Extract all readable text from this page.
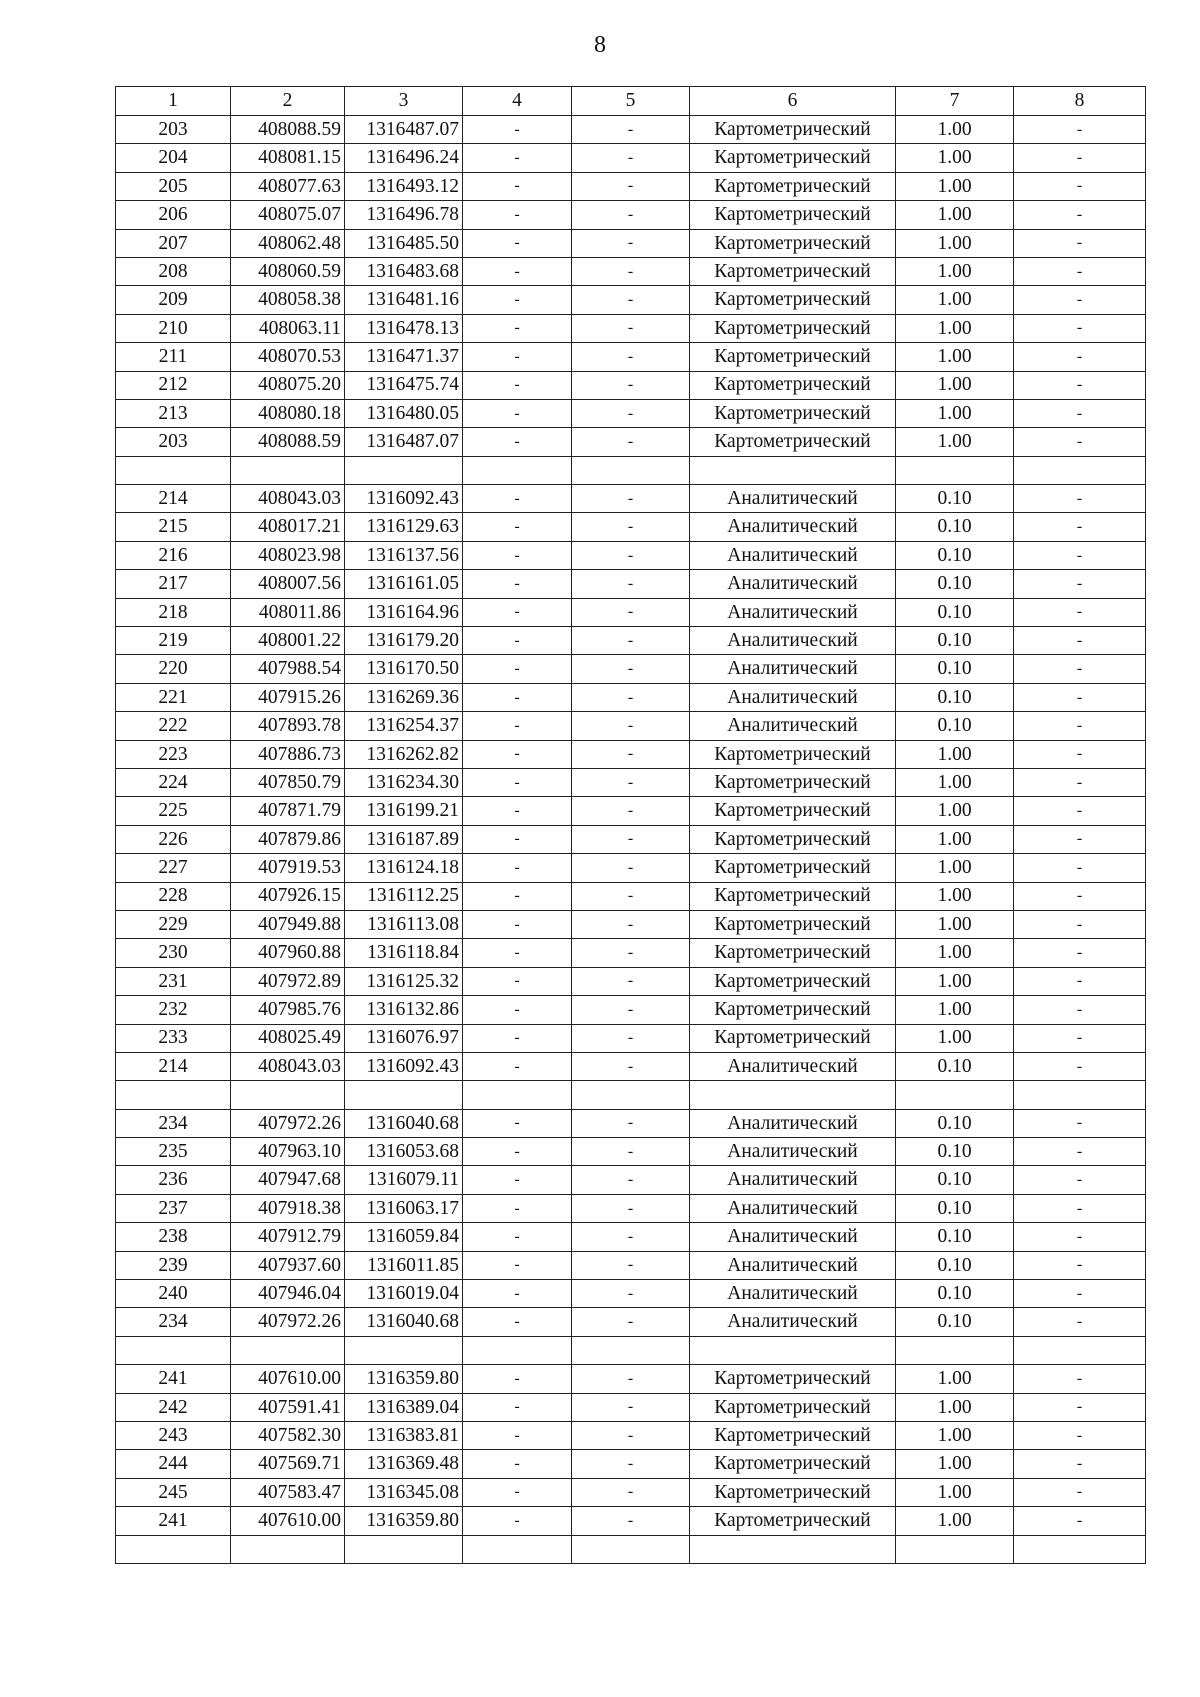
8
1	2	3	4	5	6	7	8
203	408088.59	1316487.07	-	-	Картометрический	1.00	-
204	408081.15	1316496.24	-	-	Картометрический	1.00	-
205	408077.63	1316493.12	-	-	Картометрический	1.00	-
206	408075.07	1316496.78	-	-	Картометрический	1.00	-
207	408062.48	1316485.50	-	-	Картометрический	1.00	-
208	408060.59	1316483.68	-	-	Картометрический	1.00	-
209	408058.38	1316481.16	-	-	Картометрический	1.00	-
210	408063.11	1316478.13	-	-	Картометрический	1.00	-
211	408070.53	1316471.37	-	-	Картометрический	1.00	-
212	408075.20	1316475.74	-	-	Картометрический	1.00	-
213	408080.18	1316480.05	-	-	Картометрический	1.00	-
203	408088.59	1316487.07	-	-	Картометрический	1.00	-

214	408043.03	1316092.43	-	-	Аналитический	0.10	-
215	408017.21	1316129.63	-	-	Аналитический	0.10	-
216	408023.98	1316137.56	-	-	Аналитический	0.10	-
217	408007.56	1316161.05	-	-	Аналитический	0.10	-
218	408011.86	1316164.96	-	-	Аналитический	0.10	-
219	408001.22	1316179.20	-	-	Аналитический	0.10	-
220	407988.54	1316170.50	-	-	Аналитический	0.10	-
221	407915.26	1316269.36	-	-	Аналитический	0.10	-
222	407893.78	1316254.37	-	-	Аналитический	0.10	-
223	407886.73	1316262.82	-	-	Картометрический	1.00	-
224	407850.79	1316234.30	-	-	Картометрический	1.00	-
225	407871.79	1316199.21	-	-	Картометрический	1.00	-
226	407879.86	1316187.89	-	-	Картометрический	1.00	-
227	407919.53	1316124.18	-	-	Картометрический	1.00	-
228	407926.15	1316112.25	-	-	Картометрический	1.00	-
229	407949.88	1316113.08	-	-	Картометрический	1.00	-
230	407960.88	1316118.84	-	-	Картометрический	1.00	-
231	407972.89	1316125.32	-	-	Картометрический	1.00	-
232	407985.76	1316132.86	-	-	Картометрический	1.00	-
233	408025.49	1316076.97	-	-	Картометрический	1.00	-
214	408043.03	1316092.43	-	-	Аналитический	0.10	-

234	407972.26	1316040.68	-	-	Аналитический	0.10	-
235	407963.10	1316053.68	-	-	Аналитический	0.10	-
236	407947.68	1316079.11	-	-	Аналитический	0.10	-
237	407918.38	1316063.17	-	-	Аналитический	0.10	-
238	407912.79	1316059.84	-	-	Аналитический	0.10	-
239	407937.60	1316011.85	-	-	Аналитический	0.10	-
240	407946.04	1316019.04	-	-	Аналитический	0.10	-
234	407972.26	1316040.68	-	-	Аналитический	0.10	-

241	407610.00	1316359.80	-	-	Картометрический	1.00	-
242	407591.41	1316389.04	-	-	Картометрический	1.00	-
243	407582.30	1316383.81	-	-	Картометрический	1.00	-
244	407569.71	1316369.48	-	-	Картометрический	1.00	-
245	407583.47	1316345.08	-	-	Картометрический	1.00	-
241	407610.00	1316359.80	-	-	Картометрический	1.00	-
